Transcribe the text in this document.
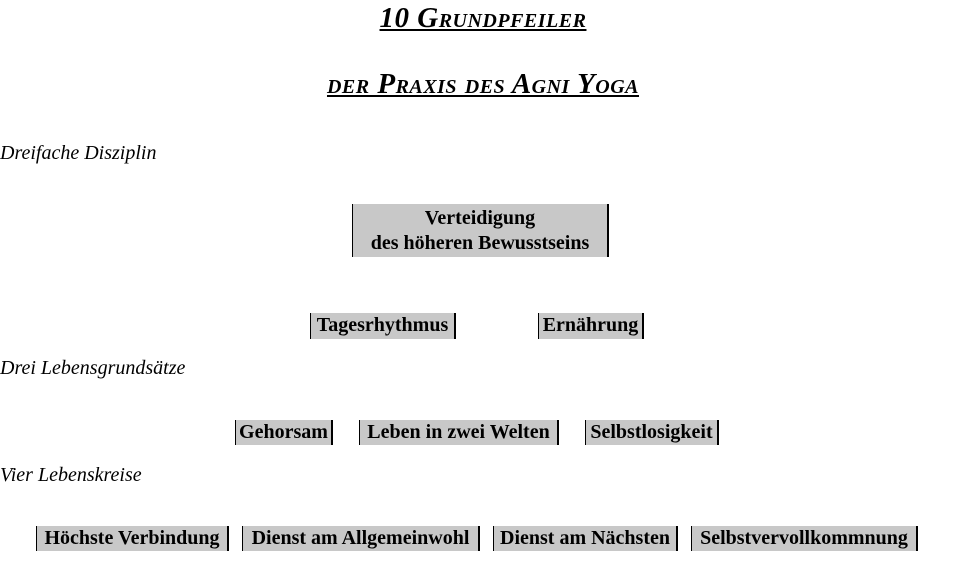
10 Grundpfeiler
der Praxis des Agni Yoga
Dreifache Disziplin
Verteidigung
des höheren Bewusstseins
Tagesrhythmus	Ernährung
Drei Lebensgrundsätze
Gehorsam	Leben in zwei Welten	Selbstlosigkeit
Vier Lebenskreise
Höchste Verbindung	Dienst am Allgemeinwohl	Dienst am Nächsten	Selbstvervollkommnung
